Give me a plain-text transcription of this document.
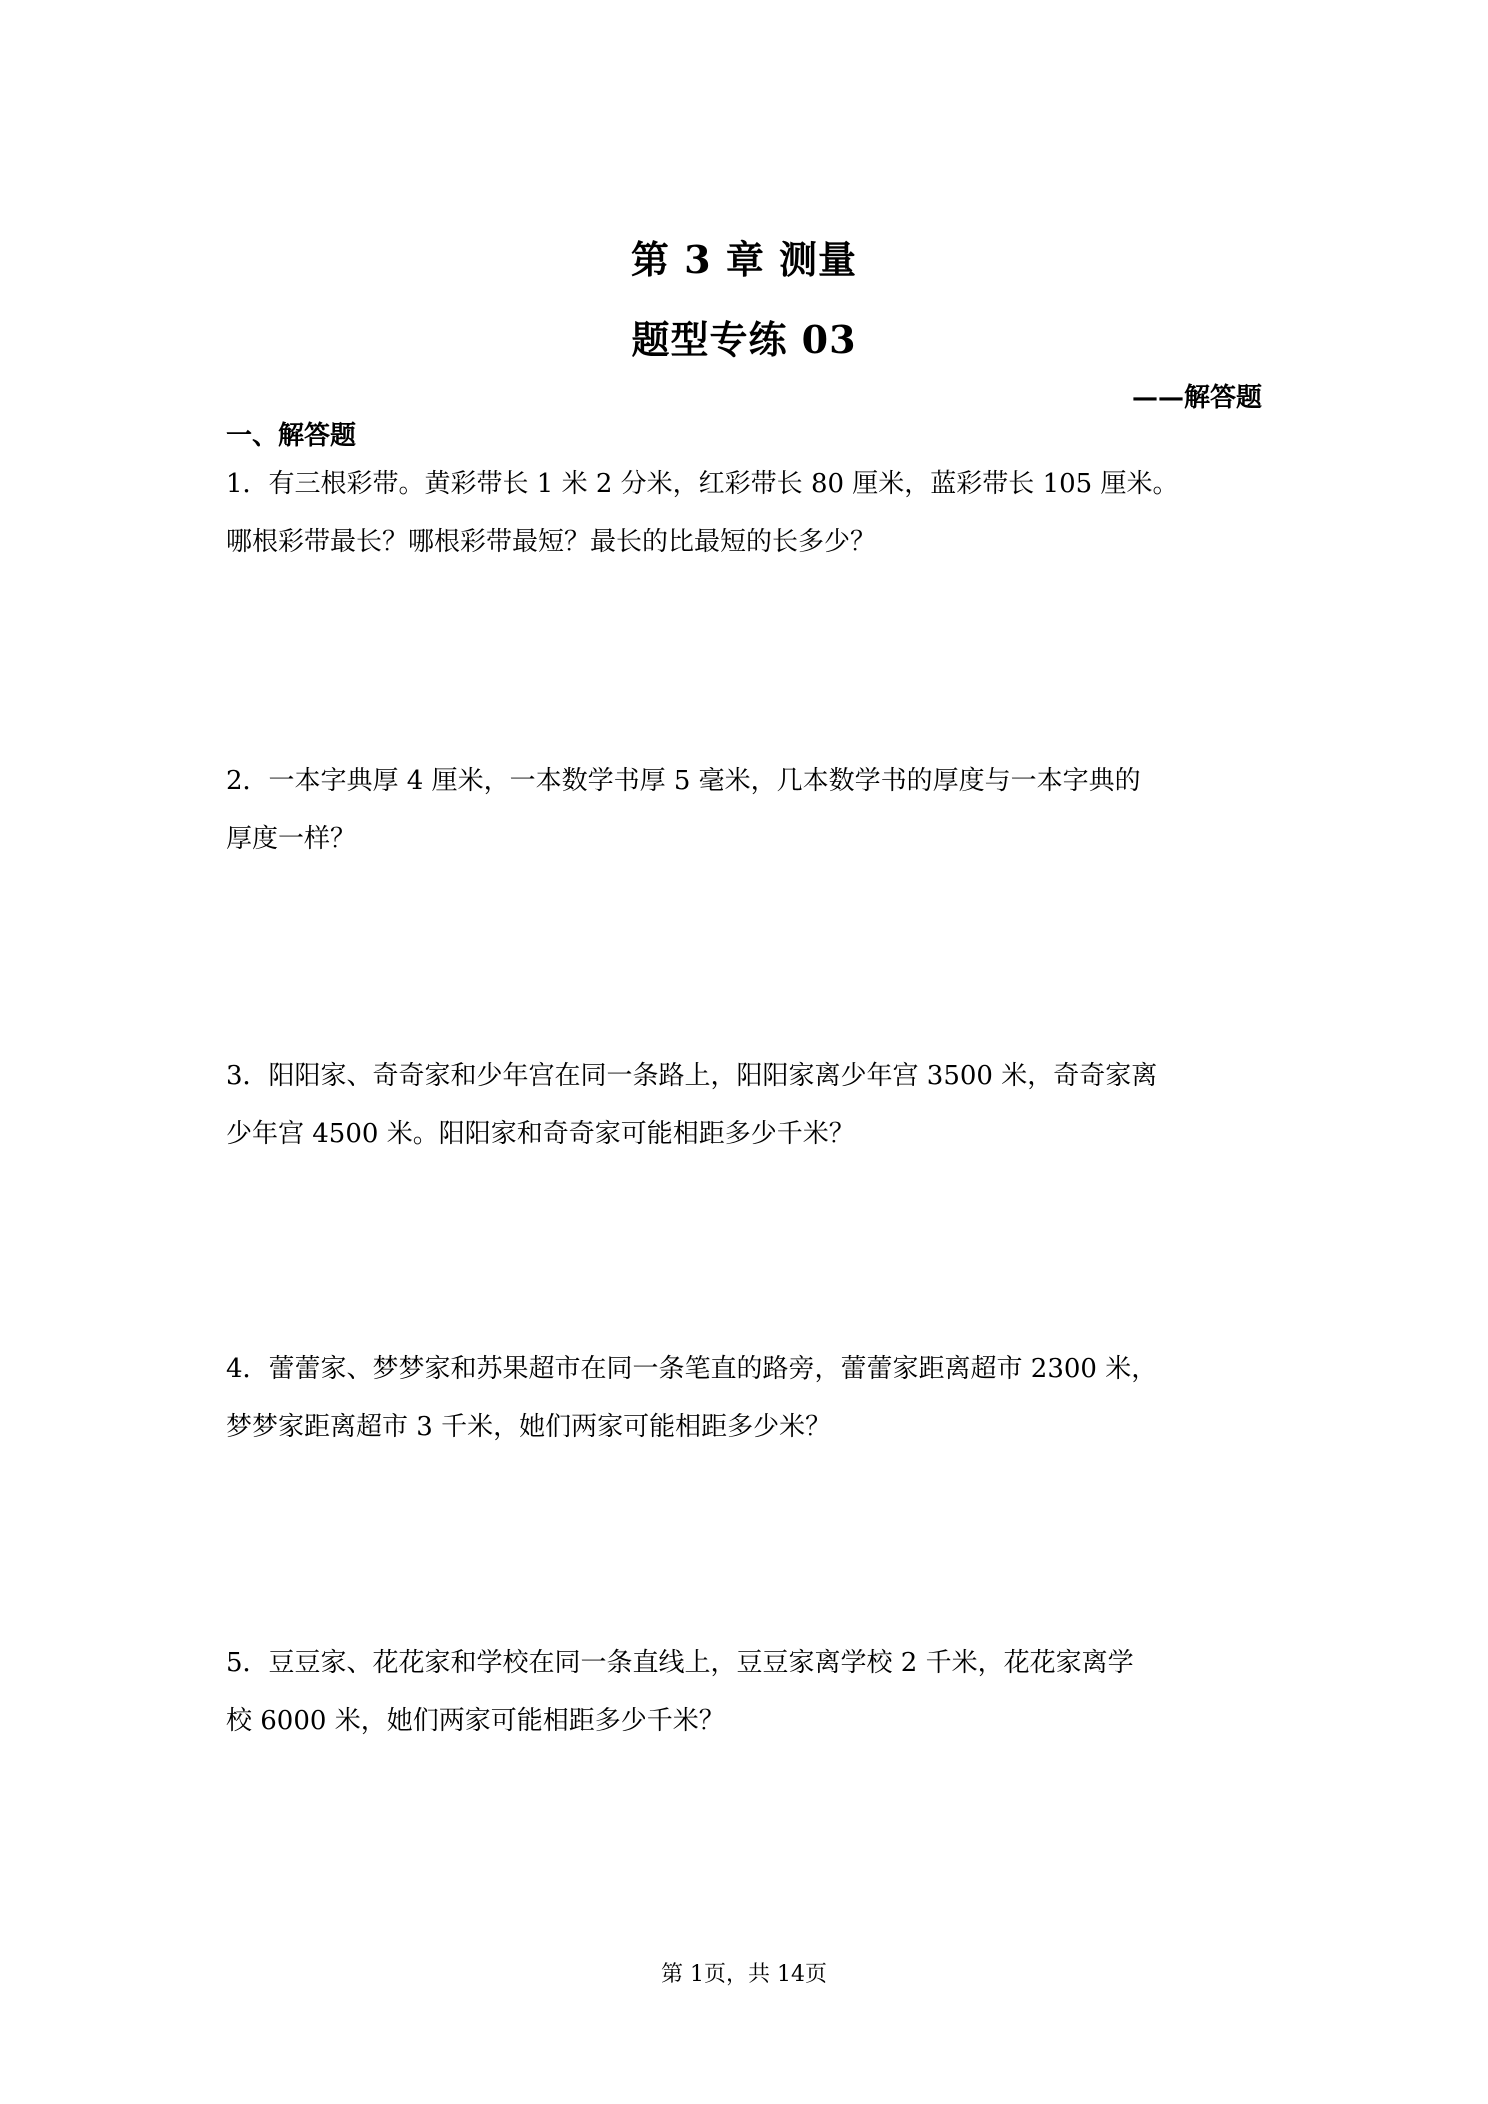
第 3 章 测量
题型专练 03
——解答题
一、解答题

1．有三根彩带。黄彩带长 1 米 2 分米，红彩带长 80 厘米，蓝彩带长 105 厘米。

哪根彩带最长？哪根彩带最短？最长的比最短的长多少？

2．一本字典厚 4 厘米，一本数学书厚 5 毫米，几本数学书的厚度与一本字典的

厚度一样？

3．阳阳家、奇奇家和少年宫在同一条路上，阳阳家离少年宫 3500 米，奇奇家离

少年宫 4500 米。阳阳家和奇奇家可能相距多少千米？

4．蕾蕾家、梦梦家和苏果超市在同一条笔直的路旁，蕾蕾家距离超市 2300 米，

梦梦家距离超市 3 千米，她们两家可能相距多少米？

5．豆豆家、花花家和学校在同一条直线上，豆豆家离学校 2 千米，花花家离学

校 6000 米，她们两家可能相距多少千米？

第 1页，共 14页
